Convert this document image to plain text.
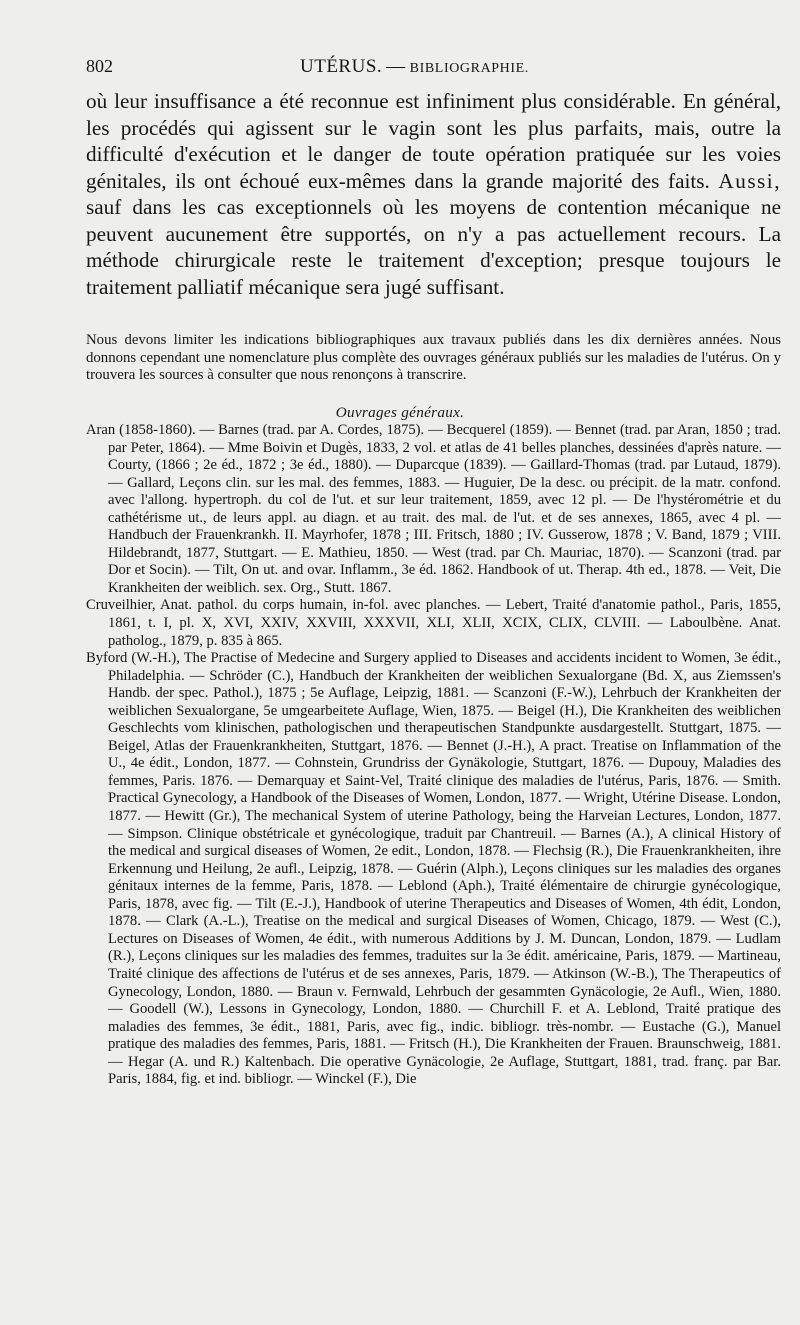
802	UTÉRUS. — BIBLIOGRAPHIE.

où leur insuffisance a été reconnue est infiniment plus considérable. En général, les procédés qui agissent sur le vagin sont les plus parfaits, mais, outre la difficulté d'exécution et le danger de toute opération pratiquée sur les voies génitales, ils ont échoué eux-mêmes dans la grande majorité des faits. Aussi, sauf dans les cas exceptionnels où les moyens de contention mécanique ne peuvent aucunement être supportés, on n'y a pas actuellement recours. La méthode chirurgicale reste le traitement d'exception; presque toujours le traitement palliatif mécanique sera jugé suffisant.

Nous devons limiter les indications bibliographiques aux travaux publiés dans les dix dernières années. Nous donnons cependant une nomenclature plus complète des ouvrages généraux publiés sur les maladies de l'utérus. On y trouvera les sources à consulter que nous renonçons à transcrire.

Ouvrages généraux.

Aran (1858-1860). — Barnes (trad. par A. Cordes, 1875). — Becquerel (1859). — Bennet (trad. par Aran, 1850 ; trad. par Peter, 1864). — Mme Boivin et Dugès, 1833, 2 vol. et atlas de 41 belles planches, dessinées d'après nature. — Courty, (1866 ; 2e éd., 1872 ; 3e éd., 1880). — Duparcque (1839). — Gaillard-Thomas (trad. par Lutaud, 1879). — Gallard, Leçons clin. sur les mal. des femmes, 1883. — Huguier, De la desc. ou précipit. de la matr. confond. avec l'allong. hypertroph. du col de l'ut. et sur leur traitement, 1859, avec 12 pl. — De l'hystérométrie et du cathétérisme ut., de leurs appl. au diagn. et au trait. des mal. de l'ut. et de ses annexes, 1865, avec 4 pl. — Handbuch der Frauenkrankh. II. Mayrhofer, 1878 ; III. Fritsch, 1880 ; IV. Gusserow, 1878 ; V. Band, 1879 ; VIII. Hildebrandt, 1877, Stuttgart. — E. Mathieu, 1850. — West (trad. par Ch. Mauriac, 1870). — Scanzoni (trad. par Dor et Socin). — Tilt, On ut. and ovar. Inflamm., 3e éd. 1862. Handbook of ut. Therap. 4th ed., 1878. — Veit, Die Krankheiten der weiblich. sex. Org., Stutt. 1867.

Cruveilhier, Anat. pathol. du corps humain, in-fol. avec planches. — Lebert, Traité d'anatomie pathol., Paris, 1855, 1861, t. I, pl. X, XVI, XXIV, XXVIII, XXXVII, XLI, XLII, XCIX, CLIX, CLVIII. — Laboulbène. Anat. patholog., 1879, p. 835 à 865.

Byford (W.-H.), The Practise of Medecine and Surgery applied to Diseases and accidents incident to Women, 3e édit., Philadelphia. — Schröder (C.), Handbuch der Krankheiten der weiblichen Sexualorgane (Bd. X, aus Ziemssen's Handb. der spec. Pathol.), 1875 ; 5e Auflage, Leipzig, 1881. — Scanzoni (F.-W.), Lehrbuch der Krankheiten der weiblichen Sexualorgane, 5e umgearbeitete Auflage, Wien, 1875. — Beigel (H.), Die Krankheiten des weiblichen Geschlechts vom klinischen, pathologischen und therapeutischen Standpunkte ausdargestellt. Stuttgart, 1875. — Beigel, Atlas der Frauenkrankheiten, Stuttgart, 1876. — Bennet (J.-H.), A pract. Treatise on Inflammation of the U., 4e édit., London, 1877. — Cohnstein, Grundriss der Gynäkologie, Stuttgart, 1876. — Dupouy, Maladies des femmes, Paris. 1876. — Demarquay et Saint-Vel, Traité clinique des maladies de l'utérus, Paris, 1876. — Smith. Practical Gynecology, a Handbook of the Diseases of Women, London, 1877. — Wright, Utérine Disease. London, 1877. — Hewitt (Gr.), The mechanical System of uterine Pathology, being the Harveian Lectures, London, 1877. — Simpson. Clinique obstétricale et gynécologique, traduit par Chantreuil. — Barnes (A.), A clinical History of the medical and surgical diseases of Women, 2e edit., London, 1878. — Flechsig (R.), Die Frauenkrankheiten, ihre Erkennung und Heilung, 2e aufl., Leipzig, 1878. — Guérin (Alph.), Leçons cliniques sur les maladies des organes génitaux internes de la femme, Paris, 1878. — Leblond (Aph.), Traité élémentaire de chirurgie gynécologique, Paris, 1878, avec fig. — Tilt (E.-J.), Handbook of uterine Therapeutics and Diseases of Women, 4th édit, London, 1878. — Clark (A.-L.), Treatise on the medical and surgical Diseases of Women, Chicago, 1879. — West (C.), Lectures on Diseases of Women, 4e édit., with numerous Additions by J. M. Duncan, London, 1879. — Ludlam (R.), Leçons cliniques sur les maladies des femmes, traduites sur la 3e édit. américaine, Paris, 1879. — Martineau, Traité clinique des affections de l'utérus et de ses annexes, Paris, 1879. — Atkinson (W.-B.), The Therapeutics of Gynecology, London, 1880. — Braun v. Fernwald, Lehrbuch der gesammten Gynäcologie, 2e Aufl., Wien, 1880. — Goodell (W.), Lessons in Gynecology, London, 1880. — Churchill F. et A. Leblond, Traité pratique des maladies des femmes, 3e édit., 1881, Paris, avec fig., indic. bibliogr. très-nombr. — Eustache (G.), Manuel pratique des maladies des femmes, Paris, 1881. — Fritsch (H.), Die Krankheiten der Frauen. Braunschweig, 1881.— Hegar (A. und R.) Kaltenbach. Die operative Gynäcologie, 2e Auflage, Stuttgart, 1881, trad. franç. par Bar. Paris, 1884, fig. et ind. bibliogr. — Winckel (F.), Die
